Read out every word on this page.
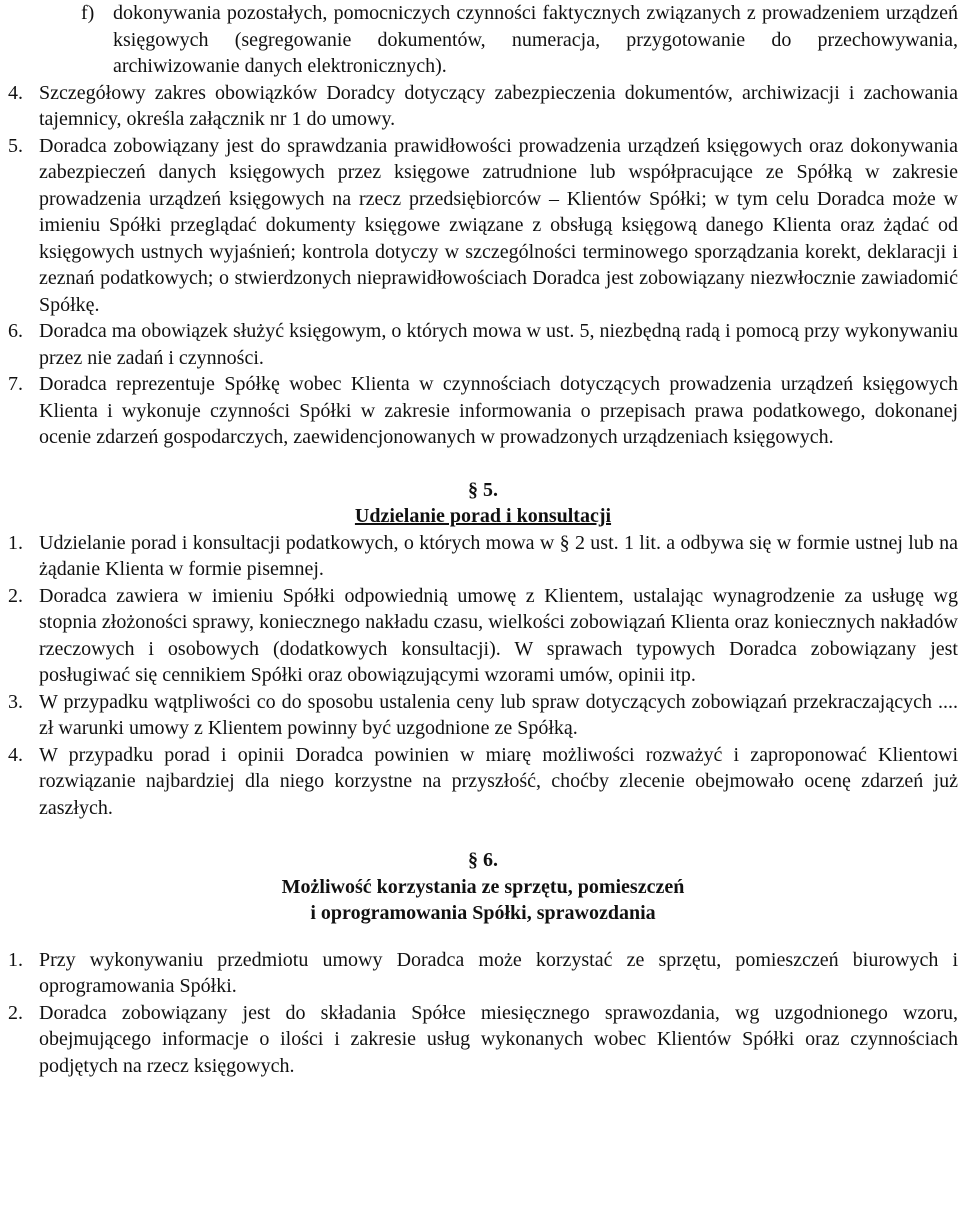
f) dokonywania pozostałych, pomocniczych czynności faktycznych związanych z prowadzeniem urządzeń księgowych (segregowanie dokumentów, numeracja, przygotowanie do przechowywania, archiwizowanie danych elektronicznych).
4. Szczegółowy zakres obowiązków Doradcy dotyczący zabezpieczenia dokumentów, archiwizacji i zachowania tajemnicy, określa załącznik nr 1 do umowy.
5. Doradca zobowiązany jest do sprawdzania prawidłowości prowadzenia urządzeń księgowych oraz dokonywania zabezpieczeń danych księgowych przez księgowe zatrudnione lub współpracujące ze Spółką w zakresie prowadzenia urządzeń księgowych na rzecz przedsiębiorców – Klientów Spółki; w tym celu Doradca może w imieniu Spółki przeglądać dokumenty księgowe związane z obsługą księgową danego Klienta oraz żądać od księgowych ustnych wyjaśnień; kontrola dotyczy w szczególności terminowego sporządzania korekt, deklaracji i zeznań podatkowych; o stwierdzonych nieprawidłowościach Doradca jest zobowiązany niezwłocznie zawiadomić Spółkę.
6. Doradca ma obowiązek służyć księgowym, o których mowa w ust. 5, niezbędną radą i pomocą przy wykonywaniu przez nie zadań i czynności.
7. Doradca reprezentuje Spółkę wobec Klienta w czynnościach dotyczących prowadzenia urządzeń księgowych Klienta i wykonuje czynności Spółki w zakresie informowania o przepisach prawa podatkowego, dokonanej ocenie zdarzeń gospodarczych, zaewidencjonowanych w prowadzonych urządzeniach księgowych.
§ 5.
Udzielanie porad i konsultacji
1. Udzielanie porad i konsultacji podatkowych, o których mowa w § 2 ust. 1 lit. a odbywa się w formie ustnej lub na żądanie Klienta w formie pisemnej.
2. Doradca zawiera w imieniu Spółki odpowiednią umowę z Klientem, ustalając wynagrodzenie za usługę wg stopnia złożoności sprawy, koniecznego nakładu czasu, wielkości zobowiązań Klienta oraz koniecznych nakładów rzeczowych i osobowych (dodatkowych konsultacji). W sprawach typowych Doradca zobowiązany jest posługiwać się cennikiem Spółki oraz obowiązującymi wzorami umów, opinii itp.
3. W przypadku wątpliwości co do sposobu ustalenia ceny lub spraw dotyczących zobowiązań przekraczających .... zł warunki umowy z Klientem powinny być uzgodnione ze Spółką.
4. W przypadku porad i opinii Doradca powinien w miarę możliwości rozważyć i zaproponować Klientowi rozwiązanie najbardziej dla niego korzystne na przyszłość, choćby zlecenie obejmowało ocenę zdarzeń już zaszłych.
§ 6.
Możliwość korzystania ze sprzętu, pomieszczeń
i oprogramowania Spółki, sprawozdania
1. Przy wykonywaniu przedmiotu umowy Doradca może korzystać ze sprzętu, pomieszczeń biurowych i oprogramowania Spółki.
2. Doradca zobowiązany jest do składania Spółce miesięcznego sprawozdania, wg uzgodnionego wzoru, obejmującego informacje o ilości i zakresie usług wykonanych wobec Klientów Spółki oraz czynnościach podjętych na rzecz księgowych.
